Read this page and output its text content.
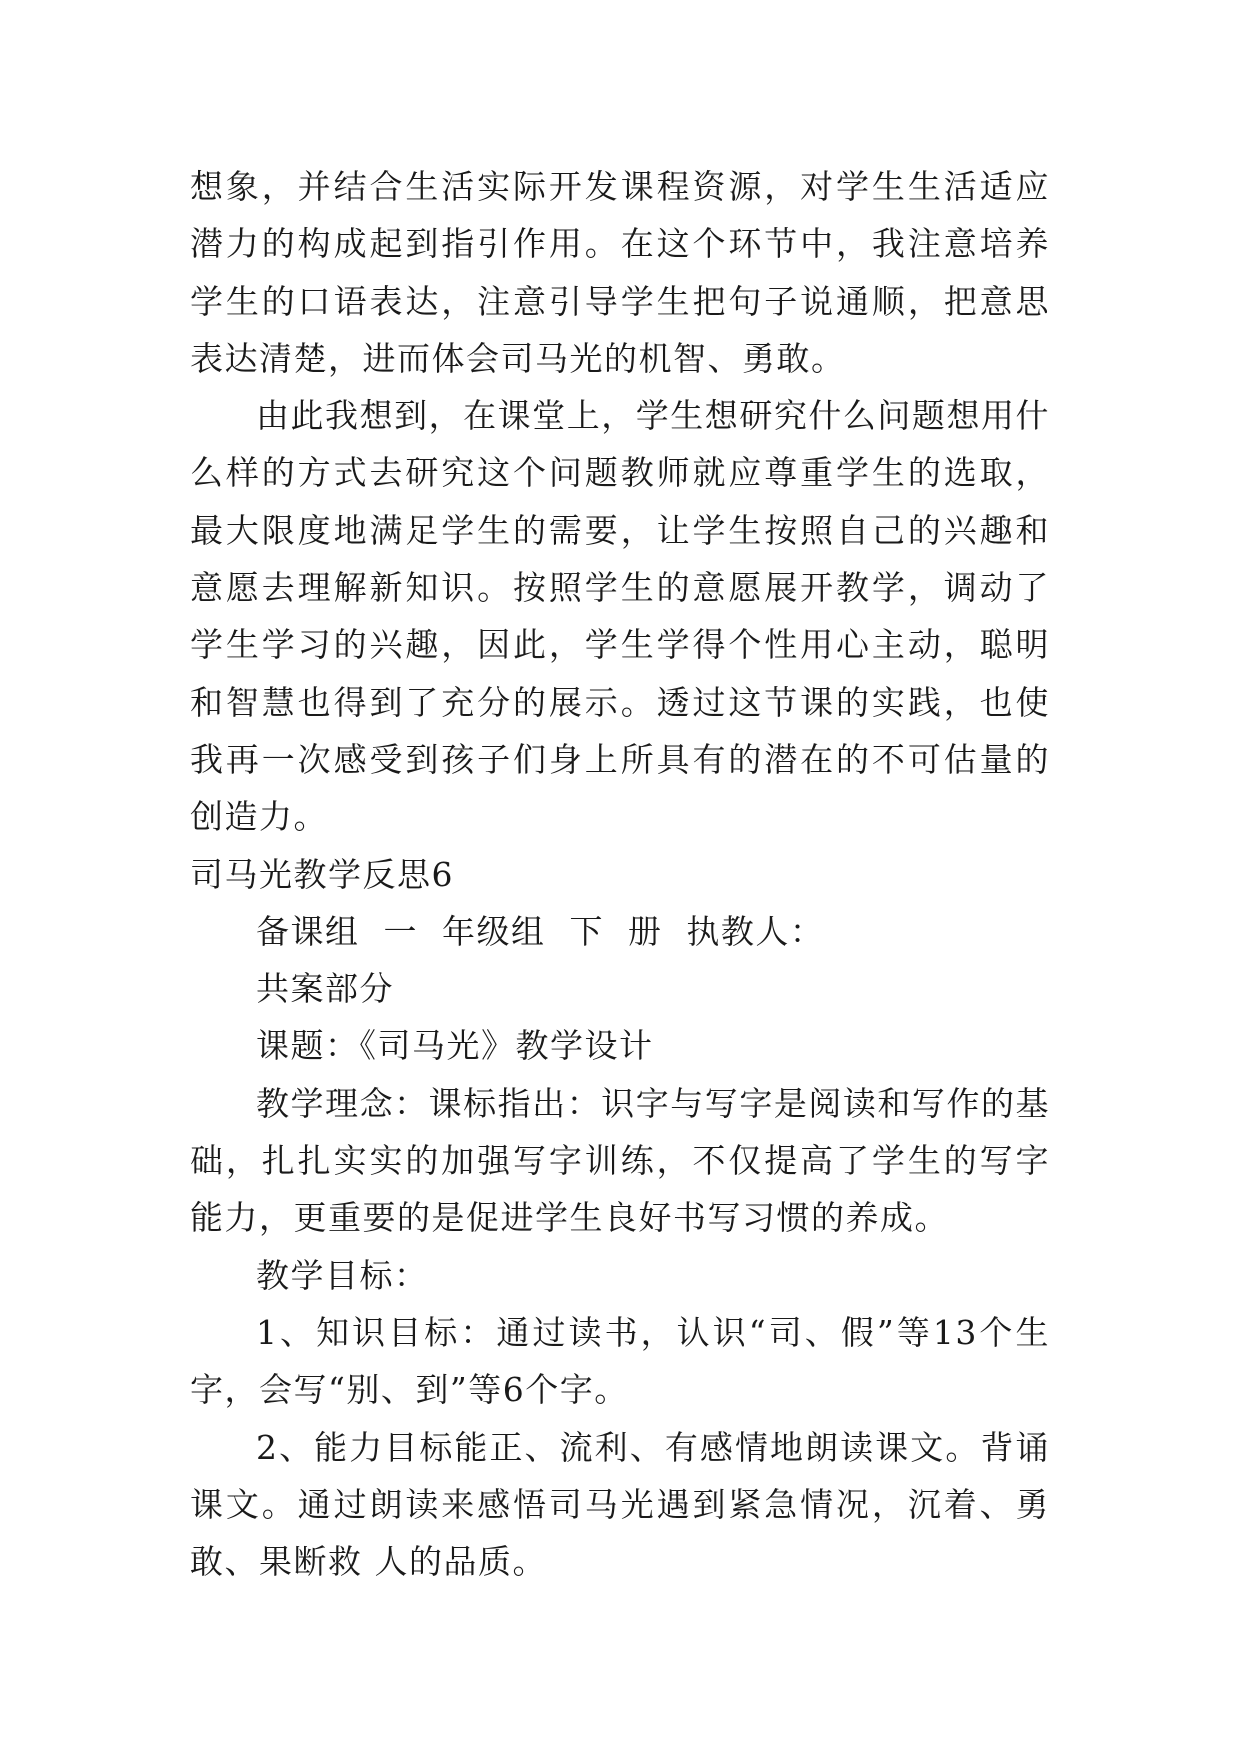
想象，并结合生活实际开发课程资源，对学生生活适应潜力的构成起到指引作用。在这个环节中，我注意培养学生的口语表达，注意引导学生把句子说通顺，把意思表达清楚，进而体会司马光的机智、勇敢。

由此我想到，在课堂上，学生想研究什么问题想用什么样的方式去研究这个问题教师就应尊重学生的选取，最大限度地满足学生的需要，让学生按照自己的兴趣和意愿去理解新知识。按照学生的意愿展开教学，调动了学生学习的兴趣，因此，学生学得个性用心主动，聪明和智慧也得到了充分的展示。透过这节课的实践，也使我再一次感受到孩子们身上所具有的潜在的不可估量的创造力。

司马光教学反思6

备课组  一  年级组  下  册  执教人：

共案部分

课题：《司马光》教学设计

教学理念：课标指出：识字与写字是阅读和写作的基础，扎扎实实的加强写字训练，不仅提高了学生的写字能力，更重要的是促进学生良好书写习惯的养成。

教学目标：

1、知识目标：通过读书，认识“司、假”等13个生字，会写“别、到”等6个字。

2、能力目标能正、流利、有感情地朗读课文。背诵课文。通过朗读来感悟司马光遇到紧急情况，沉着、勇敢、果断救 人的品质。
